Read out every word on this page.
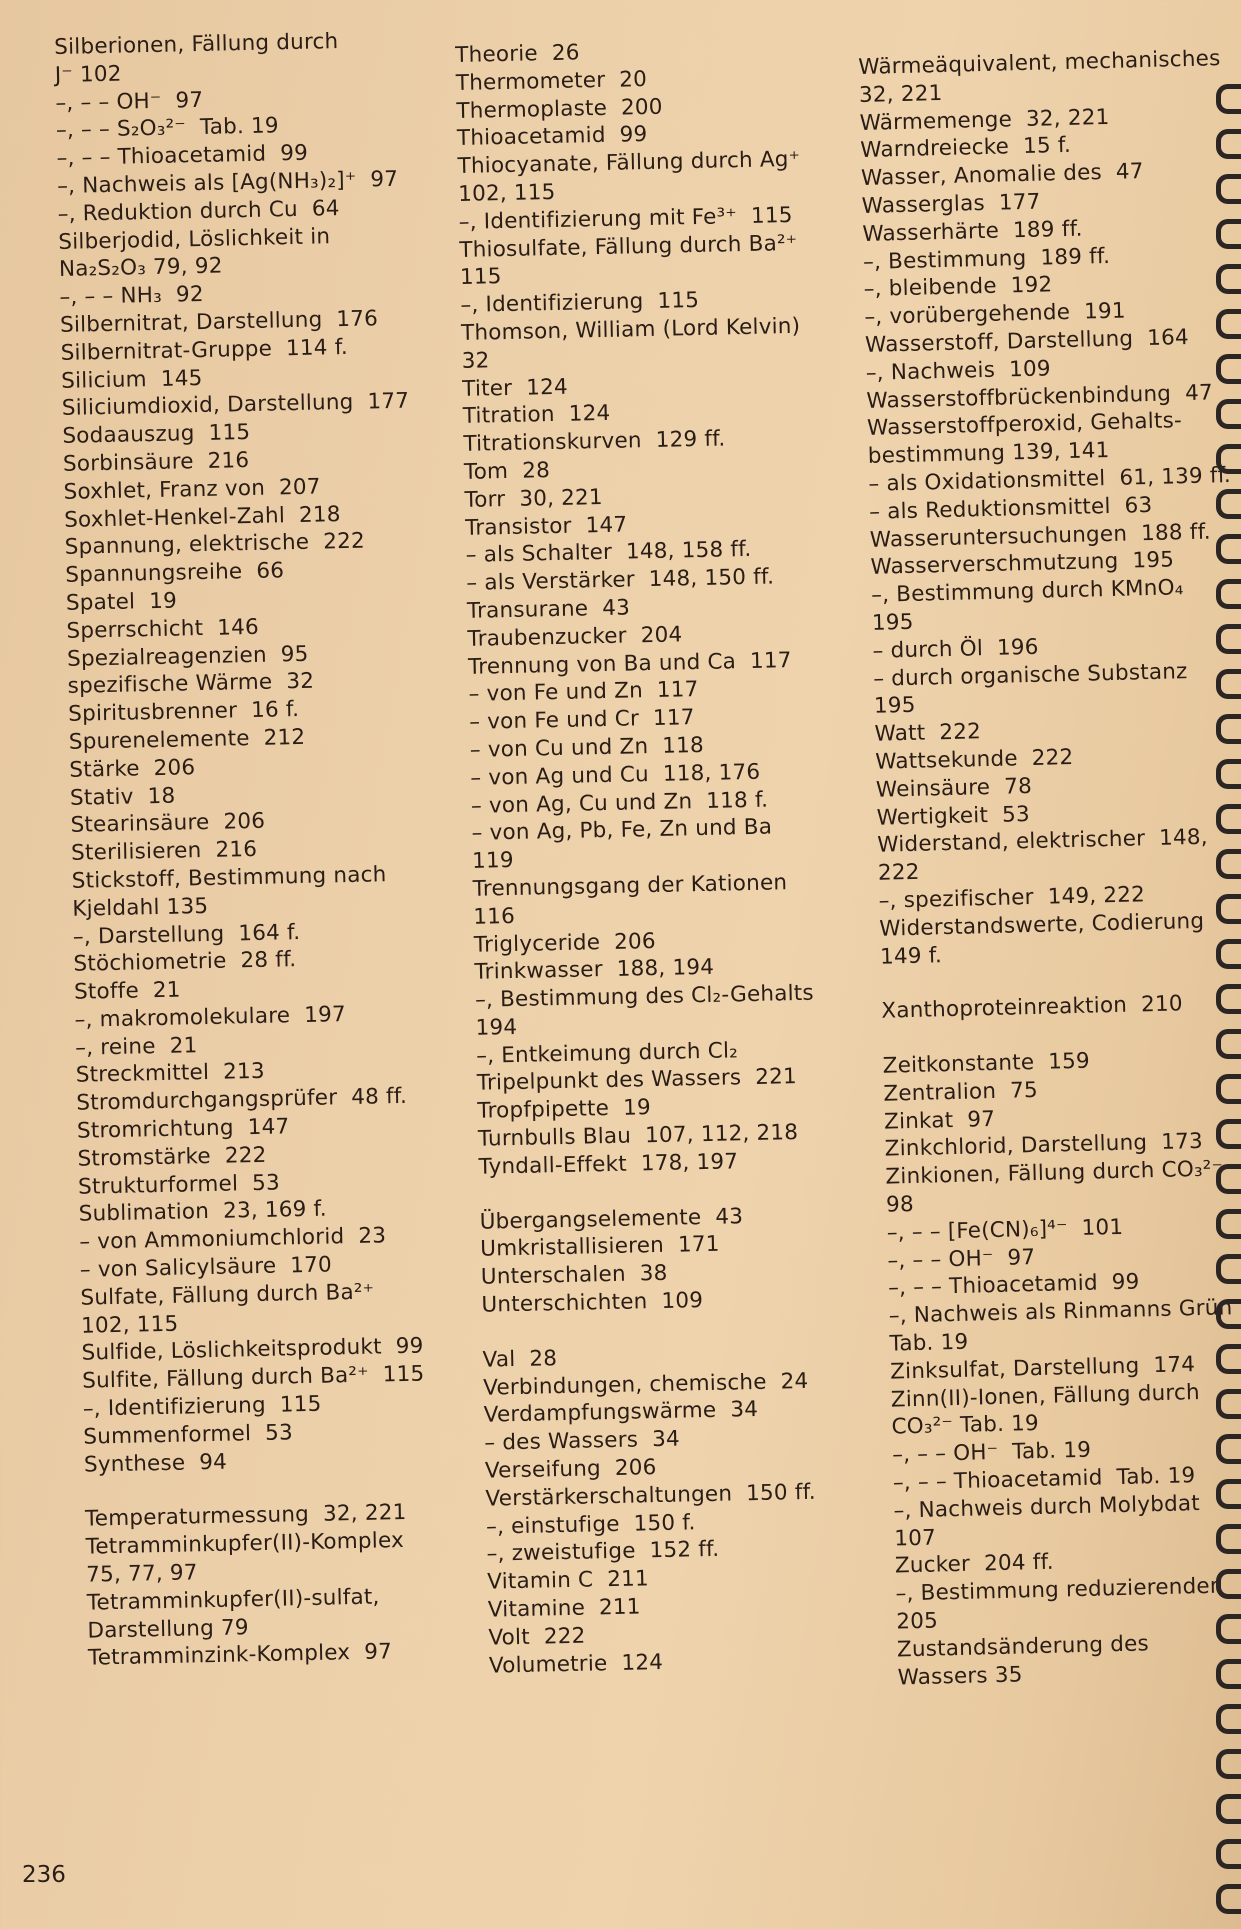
Silberionen, Fällung durch
J⁻ 102
–, – – OH⁻ 97
–, – – S₂O₃²⁻ Tab. 19
–, – – Thioacetamid 99
–, Nachweis als [Ag(NH₃)₂]⁺ 97
–, Reduktion durch Cu 64
Silberjodid, Löslichkeit in
Na₂S₂O₃ 79, 92
–, – – NH₃ 92
Silbernitrat, Darstellung 176
Silbernitrat-Gruppe 114 f.
Silicium 145
Siliciumdioxid, Darstellung 177
Sodaauszug 115
Sorbinsäure 216
Soxhlet, Franz von 207
Soxhlet-Henkel-Zahl 218
Spannung, elektrische 222
Spannungsreihe 66
Spatel 19
Sperrschicht 146
Spezialreagenzien 95
spezifische Wärme 32
Spiritusbrenner 16 f.
Spurenelemente 212
Stärke 206
Stativ 18
Stearinsäure 206
Sterilisieren 216
Stickstoff, Bestimmung nach
Kjeldahl 135
–, Darstellung 164 f.
Stöchiometrie 28 ff.
Stoffe 21
–, makromolekulare 197
–, reine 21
Streckmittel 213
Stromdurchgangsprüfer 48 ff.
Stromrichtung 147
Stromstärke 222
Strukturformel 53
Sublimation 23, 169 f.
– von Ammoniumchlorid 23
– von Salicylsäure 170
Sulfate, Fällung durch Ba²⁺
102, 115
Sulfide, Löslichkeitsprodukt 99
Sulfite, Fällung durch Ba²⁺ 115
–, Identifizierung 115
Summenformel 53
Synthese 94
Temperaturmessung 32, 221
Tetramminkupfer(II)-Komplex
75, 77, 97
Tetramminkupfer(II)-sulfat,
Darstellung 79
Tetramminzink-Komplex 97
Theorie 26
Thermometer 20
Thermoplaste 200
Thioacetamid 99
Thiocyanate, Fällung durch Ag⁺
102, 115
–, Identifizierung mit Fe³⁺ 115
Thiosulfate, Fällung durch Ba²⁺
115
–, Identifizierung 115
Thomson, William (Lord Kelvin)
32
Titer 124
Titration 124
Titrationskurven 129 ff.
Tom 28
Torr 30, 221
Transistor 147
– als Schalter 148, 158 ff.
– als Verstärker 148, 150 ff.
Transurane 43
Traubenzucker 204
Trennung von Ba und Ca 117
– von Fe und Zn 117
– von Fe und Cr 117
– von Cu und Zn 118
– von Ag und Cu 118, 176
– von Ag, Cu und Zn 118 f.
– von Ag, Pb, Fe, Zn und Ba
119
Trennungsgang der Kationen
116
Triglyceride 206
Trinkwasser 188, 194
–, Bestimmung des Cl₂-Gehalts
194
–, Entkeimung durch Cl₂
Tripelpunkt des Wassers 221
Tropfpipette 19
Turnbulls Blau 107, 112, 218
Tyndall-Effekt 178, 197
Übergangselemente 43
Umkristallisieren 171
Unterschalen 38
Unterschichten 109
Val 28
Verbindungen, chemische 24
Verdampfungswärme 34
– des Wassers 34
Verseifung 206
Verstärkerschaltungen 150 ff.
–, einstufige 150 f.
–, zweistufige 152 ff.
Vitamin C 211
Vitamine 211
Volt 222
Volumetrie 124
Wärmeäquivalent, mechanisches
32, 221
Wärmemenge 32, 221
Warndreiecke 15 f.
Wasser, Anomalie des 47
Wasserglas 177
Wasserhärte 189 ff.
–, Bestimmung 189 ff.
–, bleibende 192
–, vorübergehende 191
Wasserstoff, Darstellung 164
–, Nachweis 109
Wasserstoffbrückenbindung 47
Wasserstoffperoxid, Gehalts-
bestimmung 139, 141
– als Oxidationsmittel 61, 139 ff.
– als Reduktionsmittel 63
Wasseruntersuchungen 188 ff.
Wasserverschmutzung 195
–, Bestimmung durch KMnO₄
195
– durch Öl 196
– durch organische Substanz
195
Watt 222
Wattsekunde 222
Weinsäure 78
Wertigkeit 53
Widerstand, elektrischer 148,
222
–, spezifischer 149, 222
Widerstandswerte, Codierung
149 f.
Xanthoproteinreaktion 210
Zeitkonstante 159
Zentralion 75
Zinkat 97
Zinkchlorid, Darstellung 173
Zinkionen, Fällung durch CO₃²⁻
98
–, – – [Fe(CN)₆]⁴⁻ 101
–, – – OH⁻ 97
–, – – Thioacetamid 99
–, Nachweis als Rinmanns Grün
Tab. 19
Zinksulfat, Darstellung 174
Zinn(II)-Ionen, Fällung durch
CO₃²⁻ Tab. 19
–, – – OH⁻ Tab. 19
–, – – Thioacetamid Tab. 19
–, Nachweis durch Molybdat
107
Zucker 204 ff.
–, Bestimmung reduzierender
205
Zustandsänderung des
Wassers 35
236
